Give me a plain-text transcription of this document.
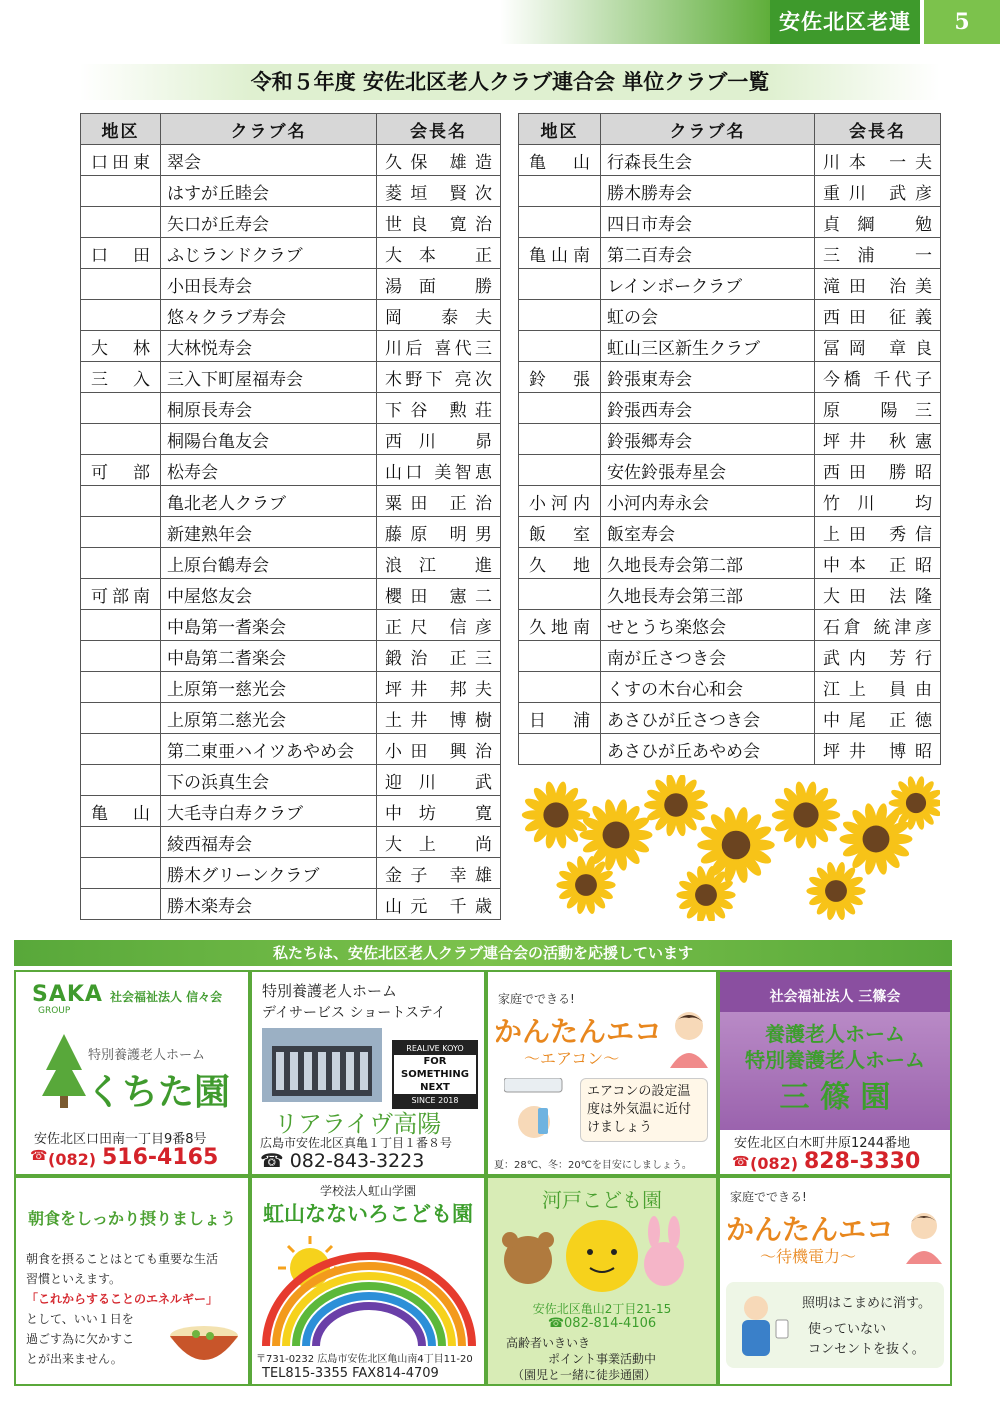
安佐北区老連	5
令和５年度 安佐北区老人クラブ連合会 単位クラブ一覧
地区	クラブ名	会長名
口田東	翠会	久保 雄造
	はすが丘睦会	菱垣 賢次
	矢口が丘寿会	世良 寛治
口田	ふじランドクラブ	大本 正
	小田長寿会	湯面 勝
	悠々クラブ寿会	岡 泰夫
大林	大林悦寿会	川后 喜代三
三入	三入下町屋福寿会	木野下 亮次
	桐原長寿会	下谷 勲荘
	桐陽台亀友会	西川 昴
可部	松寿会	山口 美智恵
	亀北老人クラブ	粟田 正治
	新建熟年会	藤原 明男
	上原台鶴寿会	浪江 進
可部南	中屋悠友会	櫻田 憲二
	中島第一耆楽会	正尺 信彦
	中島第二耆楽会	鍛治 正三
	上原第一慈光会	坪井 邦夫
	上原第二慈光会	土井 博樹
	第二東亜ハイツあやめ会	小田 興治
	下の浜真生会	迎川 武
亀山	大毛寺白寿クラブ	中坊 寛
	綾西福寿会	大上 尚
	勝木グリーンクラブ	金子 幸雄
	勝木楽寿会	山元 千歳
地区	クラブ名	会長名
亀山	行森長生会	川本 一夫
	勝木勝寿会	重川 武彦
	四日市寿会	貞綱 勉
亀山南	第二百寿会	三浦 一
	レインボークラブ	滝田 治美
	虹の会	西田 征義
	虹山三区新生クラブ	冨岡 章良
鈴張	鈴張東寿会	今橋 千代子
	鈴張西寿会	原 陽三
	鈴張郷寿会	坪井 秋憲
	安佐鈴張寿星会	西田 勝昭
小河内	小河内寿永会	竹川 均
飯室	飯室寿会	上田 秀信
久地	久地長寿会第二部	中本 正昭
	久地長寿会第三部	大田 法隆
久地南	せとうち楽悠会	石倉 統津彦
	南が丘さつき会	武内 芳行
	くすの木台心和会	江上 員由
日浦	あさひが丘さつき会	中尾 正徳
	あさひが丘あやめ会	坪井 博昭
私たちは、安佐北区老人クラブ連合会の活動を応援しています
SAKA
GROUP
社会福祉法人 信々会
特別養護老人ホーム
くちた園
安佐北区口田南一丁目9番8号
☎ (082) 516-4165
特別養護老人ホーム
デイサービス ショートステイ
REALIVE KOYO
FOR
SOMETHING
NEXT
SINCE 2018
リアライヴ高陽
広島市安佐北区真亀１丁目１番８号
☎ 082-843-3223
家庭でできる!
かんたんエコ
〜エアコン〜
エアコンの設定温度は外気温に近付けましょう
夏：28℃、冬：20℃を目安にしましょう。
社会福祉法人 三篠会
養護老人ホーム
特別養護老人ホーム
三 篠 園
安佐北区白木町井原1244番地
☎ (082) 828-3330
朝食をしっかり摂りましょう
朝食を摂ることはとても重要な生活
習慣といえます。
「これからすることのエネルギー」
として、いい１日を
過ごす為に欠かすこ
とが出来ません。
学校法人虹山学園
虹山なないろこども園
〒731-0232 広島市安佐北区亀山南4丁目11-20
TEL815-3355 FAX814-4709
河戸こども園
安佐北区亀山2丁目21-15
☎082-814-4106
高齢者いきいき
ポイント事業活動中
（園児と一緒に徒歩通園）
家庭でできる!
かんたんエコ
〜待機電力〜
照明はこまめに消す。
使っていない
コンセントを抜く。
